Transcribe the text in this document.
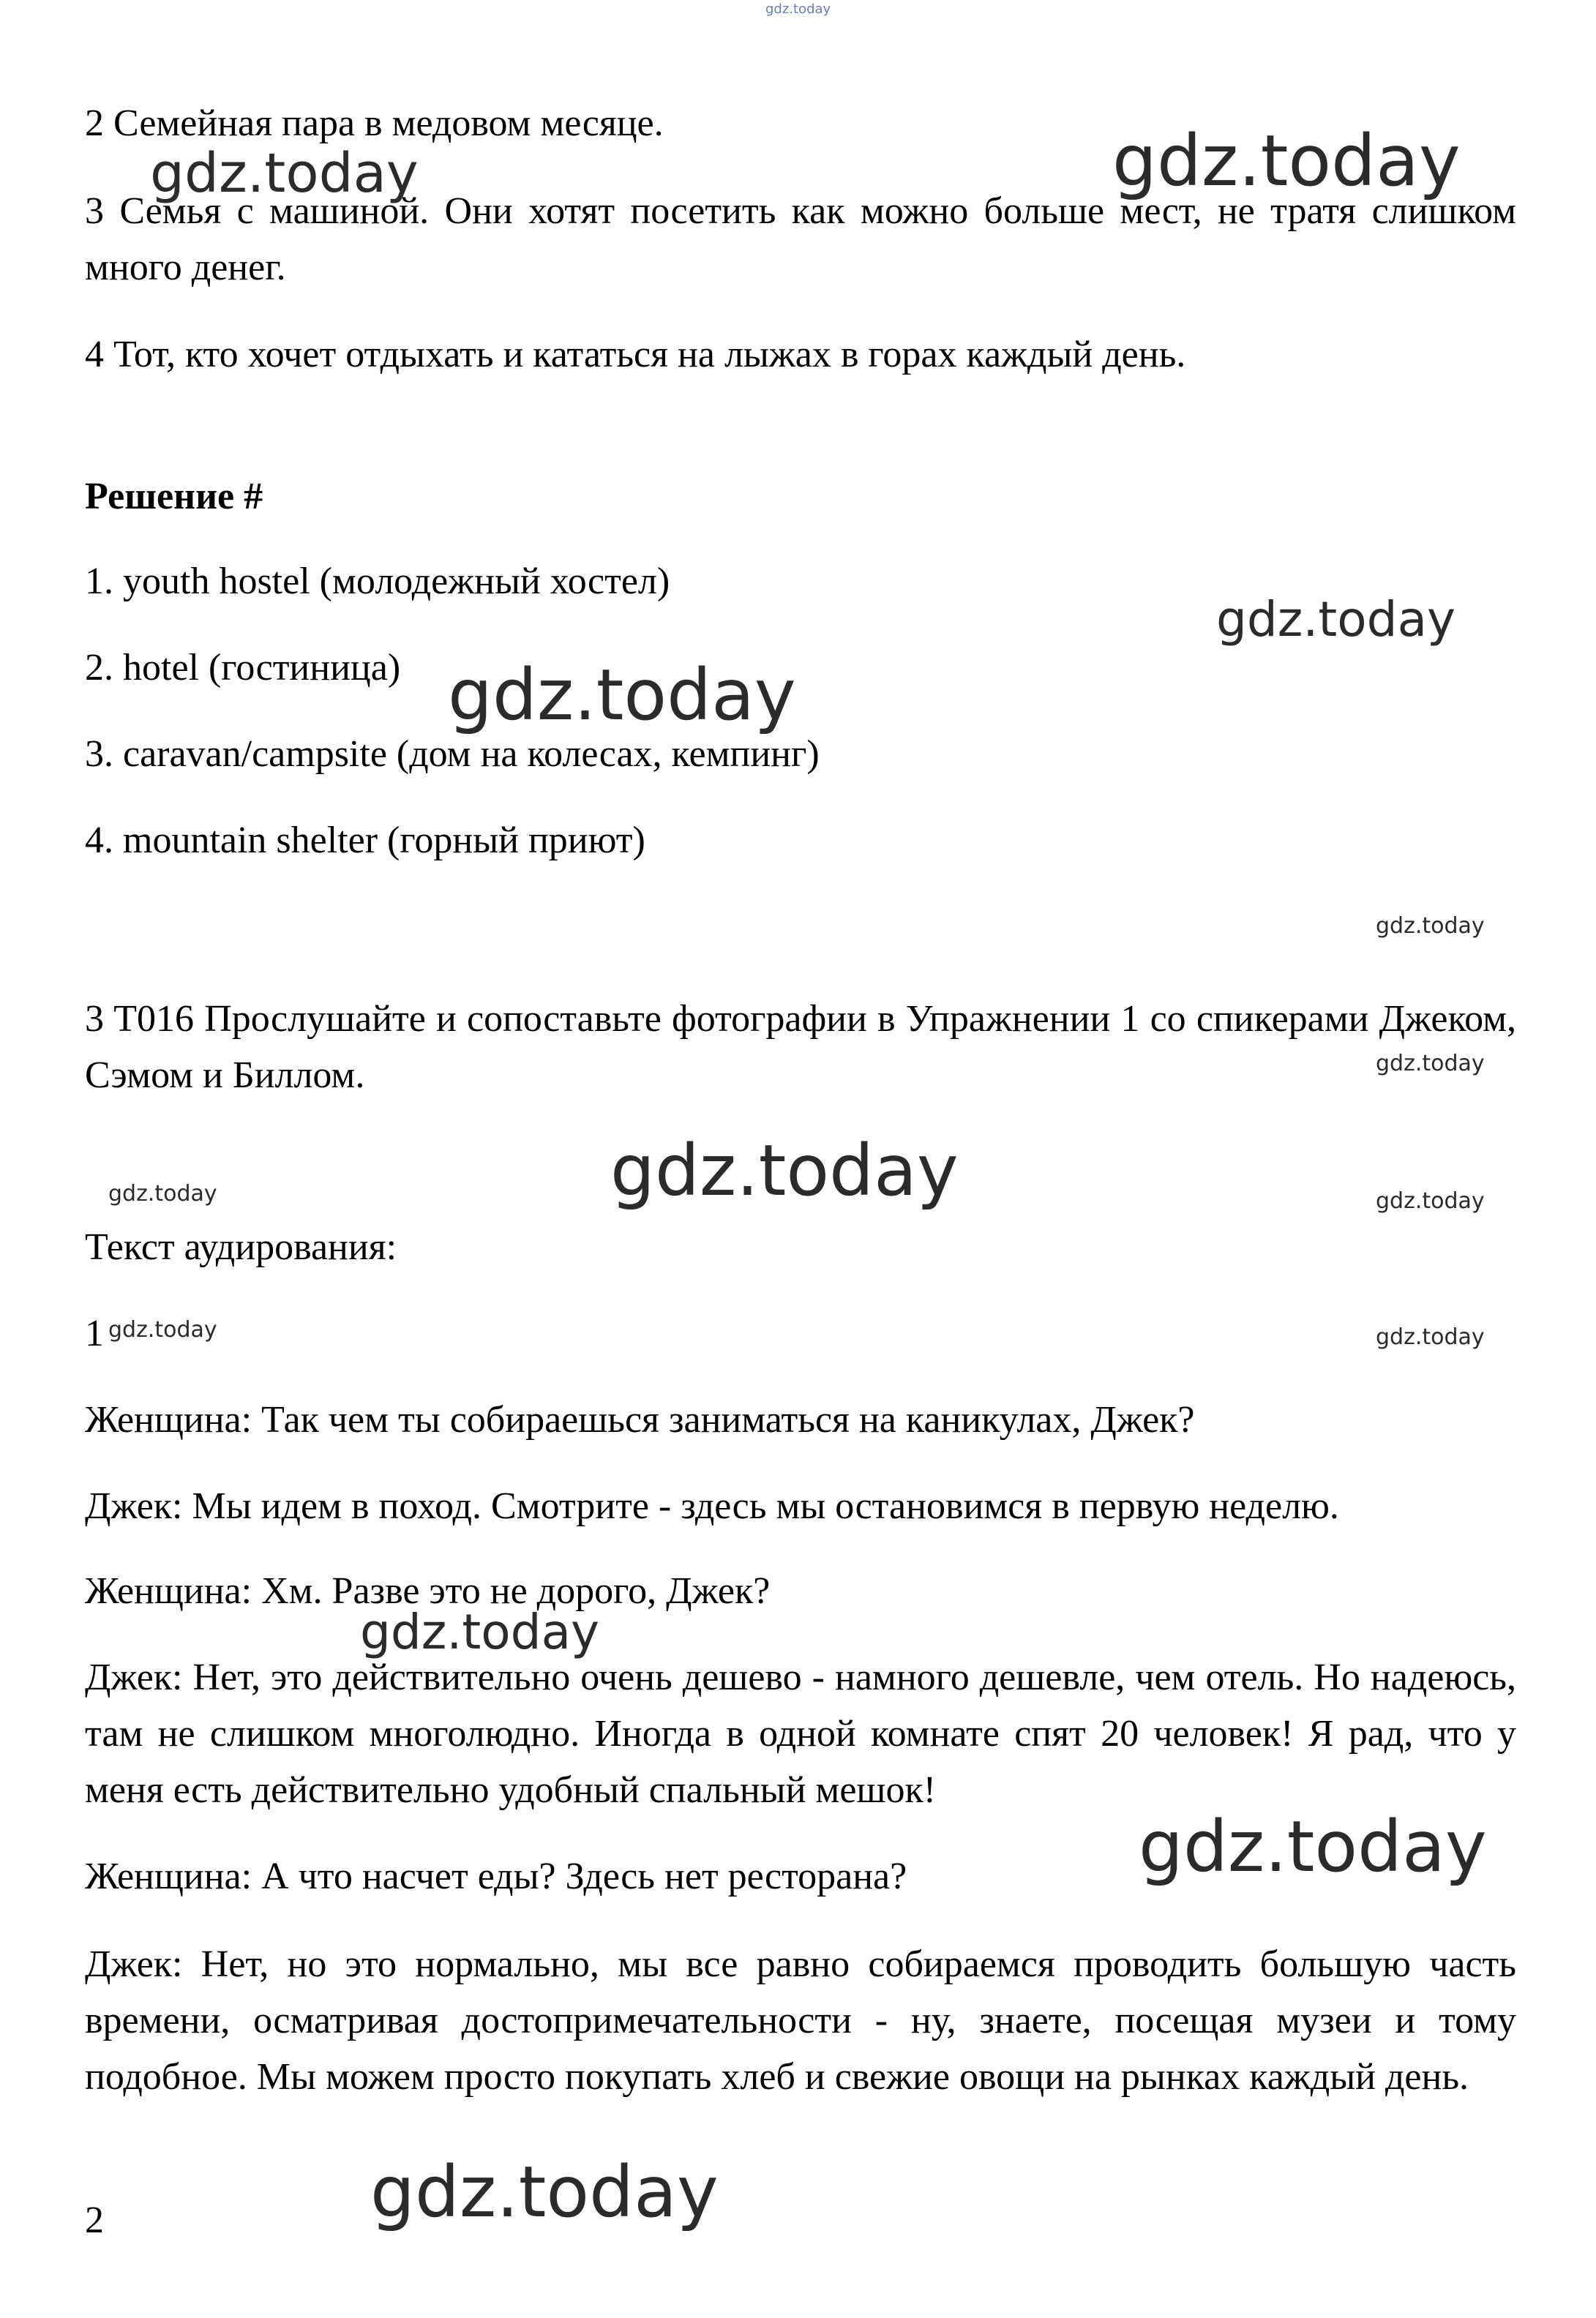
gdz.today
2 Семейная пара в медовом месяце.
3 Семья с машиной. Они хотят посетить как можно больше мест, не тратя слишком много денег.
4 Тот, кто хочет отдыхать и кататься на лыжах в горах каждый день.
Решение #
1. youth hostel (молодежный хостел)
2. hotel (гостиница)
3. caravan/campsite (дом на колесах, кемпинг)
4. mountain shelter (горный приют)
3 T016 Прослушайте и сопоставьте фотографии в Упражнении 1 со спикерами Джеком, Сэмом и Биллом.
Текст аудирования:
1
Женщина: Так чем ты собираешься заниматься на каникулах, Джек?
Джек: Мы идем в поход. Смотрите - здесь мы остановимся в первую неделю.
Женщина: Хм. Разве это не дорого, Джек?
Джек: Нет, это действительно очень дешево - намного дешевле, чем отель. Но надеюсь, там не слишком многолюдно. Иногда в одной комнате спят 20 человек! Я рад, что у меня есть действительно удобный спальный мешок!
Женщина: А что насчет еды? Здесь нет ресторана?
Джек: Нет, но это нормально, мы все равно собираемся проводить большую часть времени, осматривая достопримечательности - ну, знаете, посещая музеи и тому подобное. Мы можем просто покупать хлеб и свежие овощи на рынках каждый день.
2
gdz.today	gdz.today
gdz.today
gdz.today
gdz.today
gdz.today
gdz.today
gdz.today	gdz.today
gdz.today	gdz.today
gdz.today
gdz.today
gdz.today
